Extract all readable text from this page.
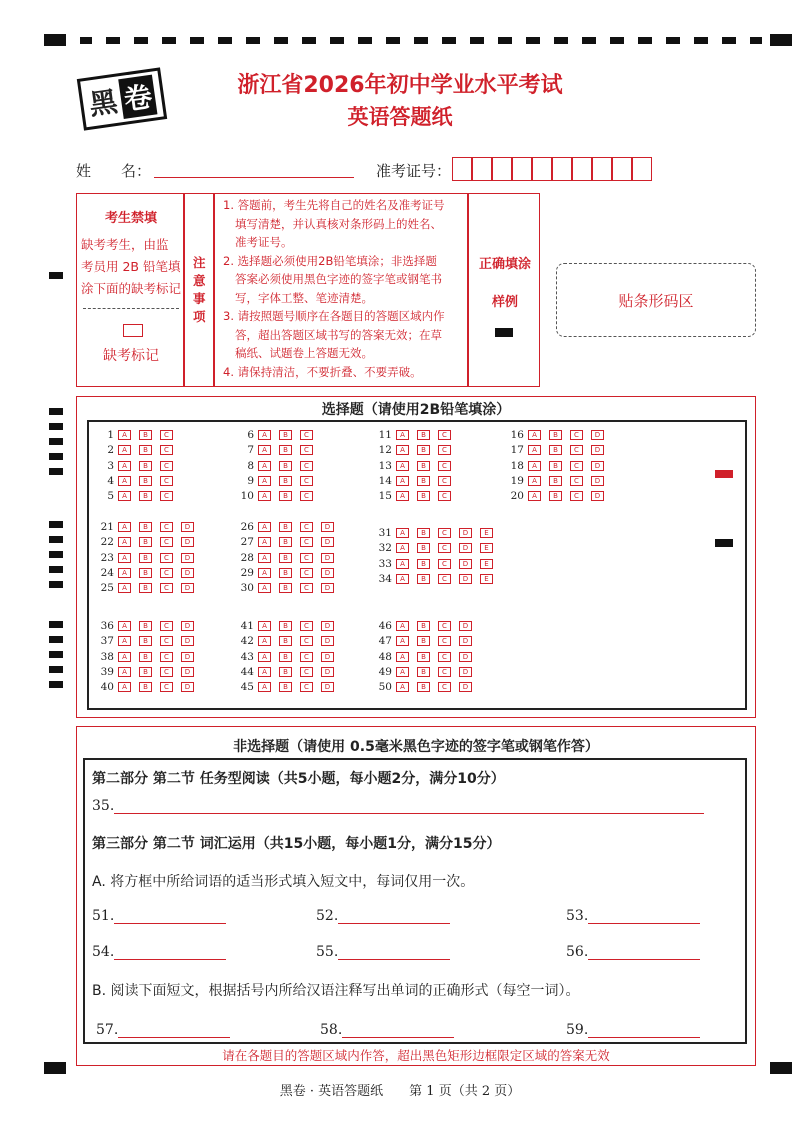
黑 卷	浙江省2026年初中学业水平考试
英语答题纸
姓　　名：	准考证号：
考生禁填
缺考考生，由监
考员用 2B 铅笔填
涂下面的缺考标记
缺考标记
注
意
事
项
1. 答题前，考生先将自己的姓名及准考证号
填写清楚，并认真核对条形码上的姓名、
准考证号。
2. 选择题必须使用2B铅笔填涂；非选择题
答案必须使用黑色字迹的签字笔或钢笔书
写，字体工整、笔迹清楚。
3. 请按照题号顺序在各题目的答题区域内作
答，超出答题区域书写的答案无效；在草
稿纸、试题卷上答题无效。
4. 请保持清洁，不要折叠、不要弄破。
正确填涂
样例	贴条形码区
选择题（请使用2B铅笔填涂）
1	A	B	C
2	A	B	C
3	A	B	C
4	A	B	C
5	A	B	C
6	A	B	C
7	A	B	C
8	A	B	C
9	A	B	C
10	A	B	C
11	A	B	C
12	A	B	C
13	A	B	C
14	A	B	C
15	A	B	C
16	A	B	C	D
17	A	B	C	D
18	A	B	C	D
19	A	B	C	D
20	A	B	C	D
21	A	B	C	D
22	A	B	C	D
23	A	B	C	D
24	A	B	C	D
25	A	B	C	D
26	A	B	C	D
27	A	B	C	D
28	A	B	C	D
29	A	B	C	D
30	A	B	C	D
31	A	B	C	D	E
32	A	B	C	D	E
33	A	B	C	D	E
34	A	B	C	D	E
36	A	B	C	D
37	A	B	C	D
38	A	B	C	D
39	A	B	C	D
40	A	B	C	D
41	A	B	C	D
42	A	B	C	D
43	A	B	C	D
44	A	B	C	D
45	A	B	C	D
46	A	B	C	D
47	A	B	C	D
48	A	B	C	D
49	A	B	C	D
50	A	B	C	D
非选择题（请使用 0.5毫米黑色字迹的签字笔或钢笔作答）
第二部分 第二节 任务型阅读（共5小题，每小题2分，满分10分）
35.
第三部分 第二节 词汇运用（共15小题，每小题1分，满分15分）
A. 将方框中所给词语的适当形式填入短文中，每词仅用一次。
51.	52.	53.
54.	55.	56.
B. 阅读下面短文，根据括号内所给汉语注释写出单词的正确形式（每空一词）。
57.	58.	59.
请在各题目的答题区域内作答，超出黑色矩形边框限定区域的答案无效
黑卷 · 英语答题纸　　第 1 页（共 2 页）
